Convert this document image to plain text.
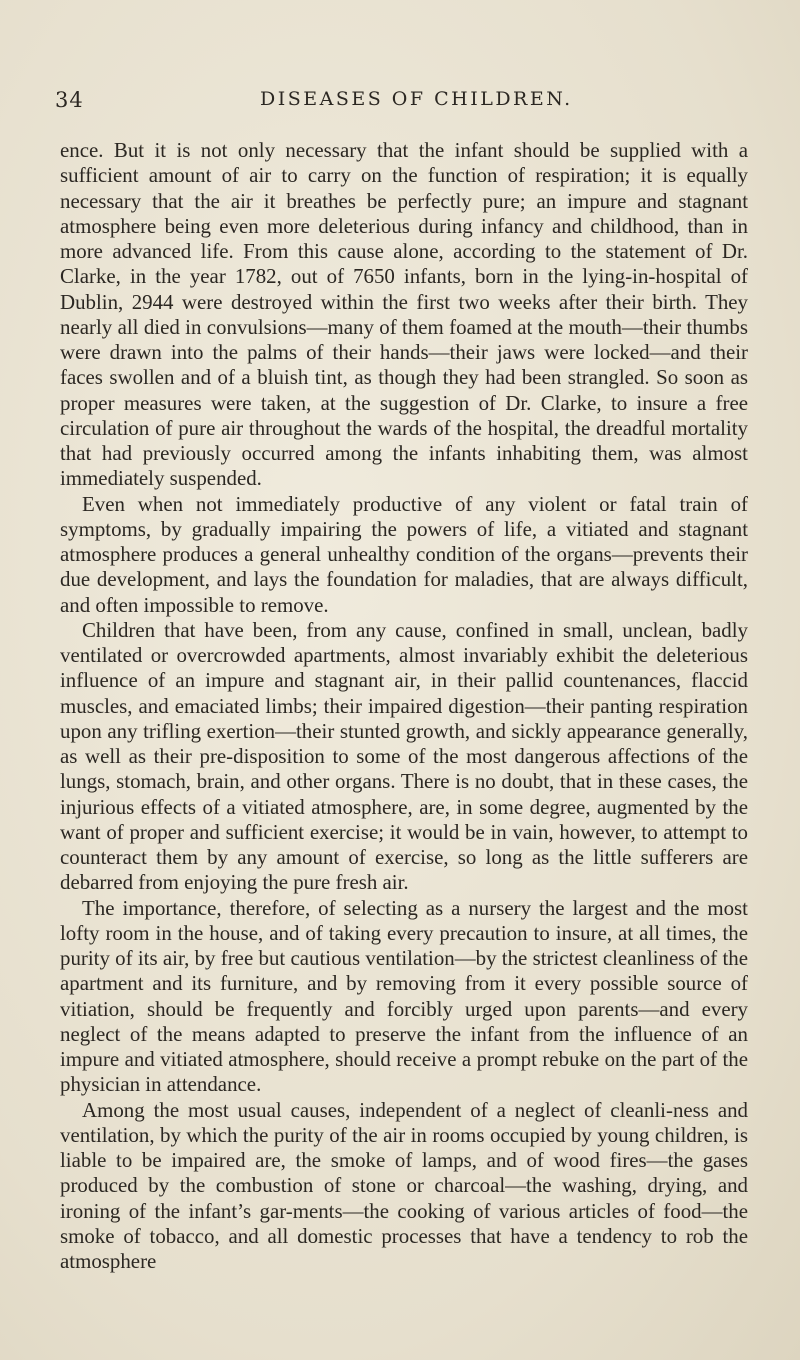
34	DISEASES OF CHILDREN.

ence. But it is not only necessary that the infant should be supplied with a sufficient amount of air to carry on the function of respiration; it is equally necessary that the air it breathes be perfectly pure; an impure and stagnant atmosphere being even more deleterious during infancy and childhood, than in more advanced life. From this cause alone, according to the statement of Dr. Clarke, in the year 1782, out of 7650 infants, born in the lying-in-hospital of Dublin, 2944 were destroyed within the first two weeks after their birth. They nearly all died in convulsions—many of them foamed at the mouth—their thumbs were drawn into the palms of their hands—their jaws were locked—and their faces swollen and of a bluish tint, as though they had been strangled. So soon as proper measures were taken, at the suggestion of Dr. Clarke, to insure a free circulation of pure air throughout the wards of the hospital, the dreadful mortality that had previously occurred among the infants inhabiting them, was almost immediately suspended.

Even when not immediately productive of any violent or fatal train of symptoms, by gradually impairing the powers of life, a vitiated and stagnant atmosphere produces a general unhealthy condition of the organs—prevents their due development, and lays the foundation for maladies, that are always difficult, and often impossible to remove.

Children that have been, from any cause, confined in small, unclean, badly ventilated or overcrowded apartments, almost invariably exhibit the deleterious influence of an impure and stagnant air, in their pallid countenances, flaccid muscles, and emaciated limbs; their impaired digestion—their panting respiration upon any trifling exertion—their stunted growth, and sickly appearance generally, as well as their pre-disposition to some of the most dangerous affections of the lungs, stomach, brain, and other organs. There is no doubt, that in these cases, the injurious effects of a vitiated atmosphere, are, in some degree, augmented by the want of proper and sufficient exercise; it would be in vain, however, to attempt to counteract them by any amount of exercise, so long as the little sufferers are debarred from enjoying the pure fresh air.

The importance, therefore, of selecting as a nursery the largest and the most lofty room in the house, and of taking every precaution to insure, at all times, the purity of its air, by free but cautious ventilation—by the strictest cleanliness of the apartment and its furniture, and by removing from it every possible source of vitiation, should be frequently and forcibly urged upon parents—and every neglect of the means adapted to preserve the infant from the influence of an impure and vitiated atmosphere, should receive a prompt rebuke on the part of the physician in attendance.

Among the most usual causes, independent of a neglect of cleanli-ness and ventilation, by which the purity of the air in rooms occupied by young children, is liable to be impaired are, the smoke of lamps, and of wood fires—the gases produced by the combustion of stone or charcoal—the washing, drying, and ironing of the infant’s gar-ments—the cooking of various articles of food—the smoke of tobacco, and all domestic processes that have a tendency to rob the atmosphere
